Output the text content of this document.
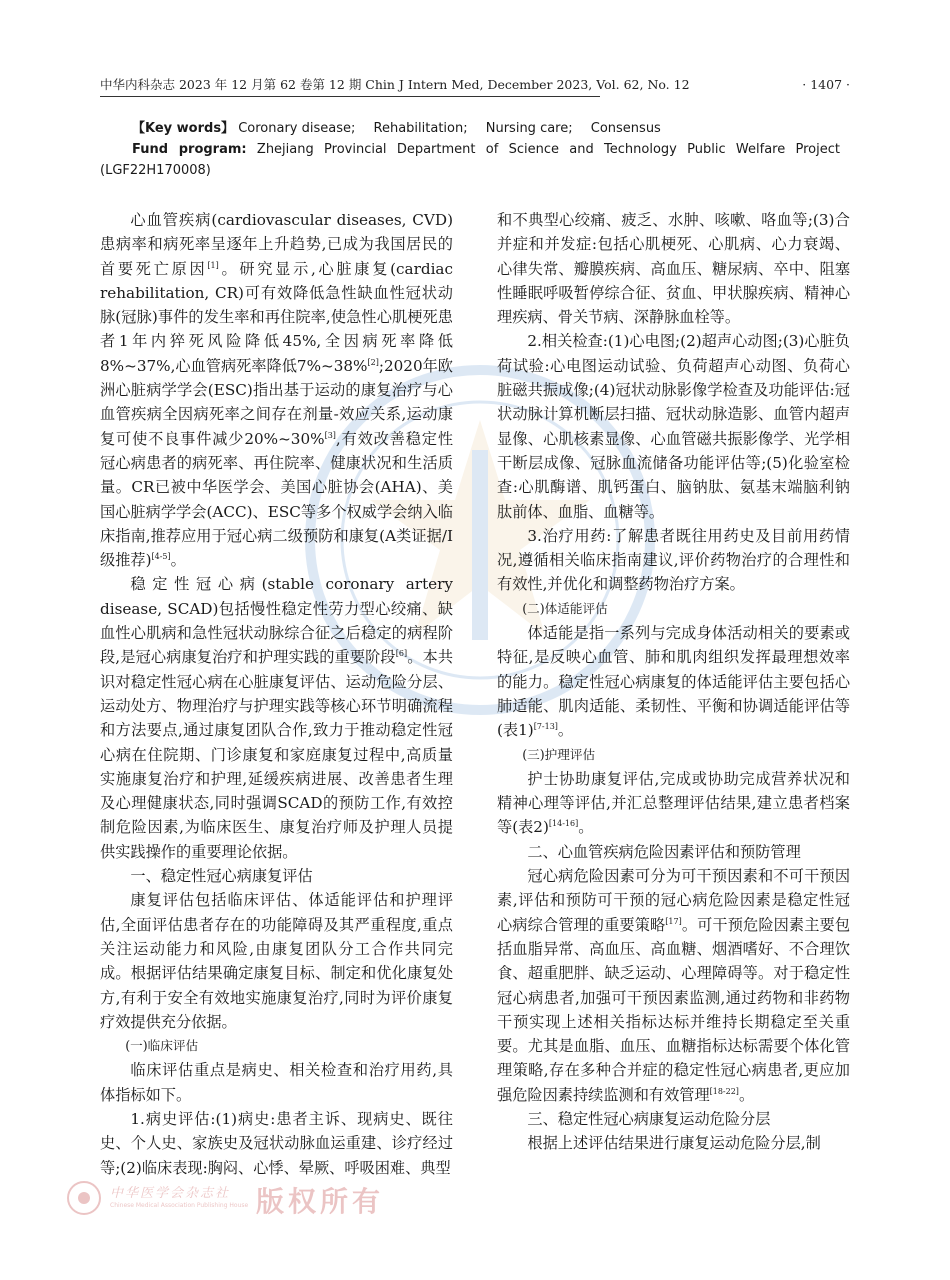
中华内科杂志 2023 年 12 月第 62 卷第 12 期 Chin J Intern Med, December 2023, Vol. 62, No. 12	· 1407 ·

【Key words】 Coronary disease; Rehabilitation; Nursing care; Consensus

Fund program: Zhejiang Provincial Department of Science and Technology Public Welfare Project (LGF22H170008)

心血管疾病(cardiovascular diseases, CVD)患病率和病死率呈逐年上升趋势,已成为我国居民的首要死亡原因[1]。研究显示,心脏康复(cardiac rehabilitation, CR)可有效降低急性缺血性冠状动脉(冠脉)事件的发生率和再住院率,使急性心肌梗死患者1年内猝死风险降低45%,全因病死率降低8%~37%,心血管病死率降低7%~38%[2];2020年欧洲心脏病学学会(ESC)指出基于运动的康复治疗与心血管疾病全因病死率之间存在剂量-效应关系,运动康复可使不良事件减少20%~30%[3],有效改善稳定性冠心病患者的病死率、再住院率、健康状况和生活质量。CR已被中华医学会、美国心脏协会(AHA)、美国心脏病学学会(ACC)、ESC等多个权威学会纳入临床指南,推荐应用于冠心病二级预防和康复(A类证据/Ⅰ级推荐)[4-5]。

稳定性冠心病(stable coronary artery disease, SCAD)包括慢性稳定性劳力型心绞痛、缺血性心肌病和急性冠状动脉综合征之后稳定的病程阶段,是冠心病康复治疗和护理实践的重要阶段[6]。本共识对稳定性冠心病在心脏康复评估、运动危险分层、运动处方、物理治疗与护理实践等核心环节明确流程和方法要点,通过康复团队合作,致力于推动稳定性冠心病在住院期、门诊康复和家庭康复过程中,高质量实施康复治疗和护理,延缓疾病进展、改善患者生理及心理健康状态,同时强调SCAD的预防工作,有效控制危险因素,为临床医生、康复治疗师及护理人员提供实践操作的重要理论依据。

一、稳定性冠心病康复评估

康复评估包括临床评估、体适能评估和护理评估,全面评估患者存在的功能障碍及其严重程度,重点关注运动能力和风险,由康复团队分工合作共同完成。根据评估结果确定康复目标、制定和优化康复处方,有利于安全有效地实施康复治疗,同时为评价康复疗效提供充分依据。

(一)临床评估

临床评估重点是病史、相关检查和治疗用药,具体指标如下。

1.病史评估:(1)病史:患者主诉、现病史、既往史、个人史、家族史及冠状动脉血运重建、诊疗经过等;(2)临床表现:胸闷、心悸、晕厥、呼吸困难、典型

和不典型心绞痛、疲乏、水肿、咳嗽、咯血等;(3)合并症和并发症:包括心肌梗死、心肌病、心力衰竭、心律失常、瓣膜疾病、高血压、糖尿病、卒中、阻塞性睡眠呼吸暂停综合征、贫血、甲状腺疾病、精神心理疾病、骨关节病、深静脉血栓等。

2.相关检查:(1)心电图;(2)超声心动图;(3)心脏负荷试验:心电图运动试验、负荷超声心动图、负荷心脏磁共振成像;(4)冠状动脉影像学检查及功能评估:冠状动脉计算机断层扫描、冠状动脉造影、血管内超声显像、心肌核素显像、心血管磁共振影像学、光学相干断层成像、冠脉血流储备功能评估等;(5)化验室检查:心肌酶谱、肌钙蛋白、脑钠肽、氨基末端脑利钠肽前体、血脂、血糖等。

3.治疗用药:了解患者既往用药史及目前用药情况,遵循相关临床指南建议,评价药物治疗的合理性和有效性,并优化和调整药物治疗方案。

(二)体适能评估

体适能是指一系列与完成身体活动相关的要素或特征,是反映心血管、肺和肌肉组织发挥最理想效率的能力。稳定性冠心病康复的体适能评估主要包括心肺适能、肌肉适能、柔韧性、平衡和协调适能评估等(表1)[7-13]。

(三)护理评估

护士协助康复评估,完成或协助完成营养状况和精神心理等评估,并汇总整理评估结果,建立患者档案等(表2)[14-16]。

二、心血管疾病危险因素评估和预防管理

冠心病危险因素可分为可干预因素和不可干预因素,评估和预防可干预的冠心病危险因素是稳定性冠心病综合管理的重要策略[17]。可干预危险因素主要包括血脂异常、高血压、高血糖、烟酒嗜好、不合理饮食、超重肥胖、缺乏运动、心理障碍等。对于稳定性冠心病患者,加强可干预因素监测,通过药物和非药物干预实现上述相关指标达标并维持长期稳定至关重要。尤其是血脂、血压、血糖指标达标需要个体化管理策略,存在多种合并症的稳定性冠心病患者,更应加强危险因素持续监测和有效管理[18-22]。

三、稳定性冠心病康复运动危险分层

根据上述评估结果进行康复运动危险分层,制

中华医学会杂志社
Chinese Medical Association Publishing House 版权所有
